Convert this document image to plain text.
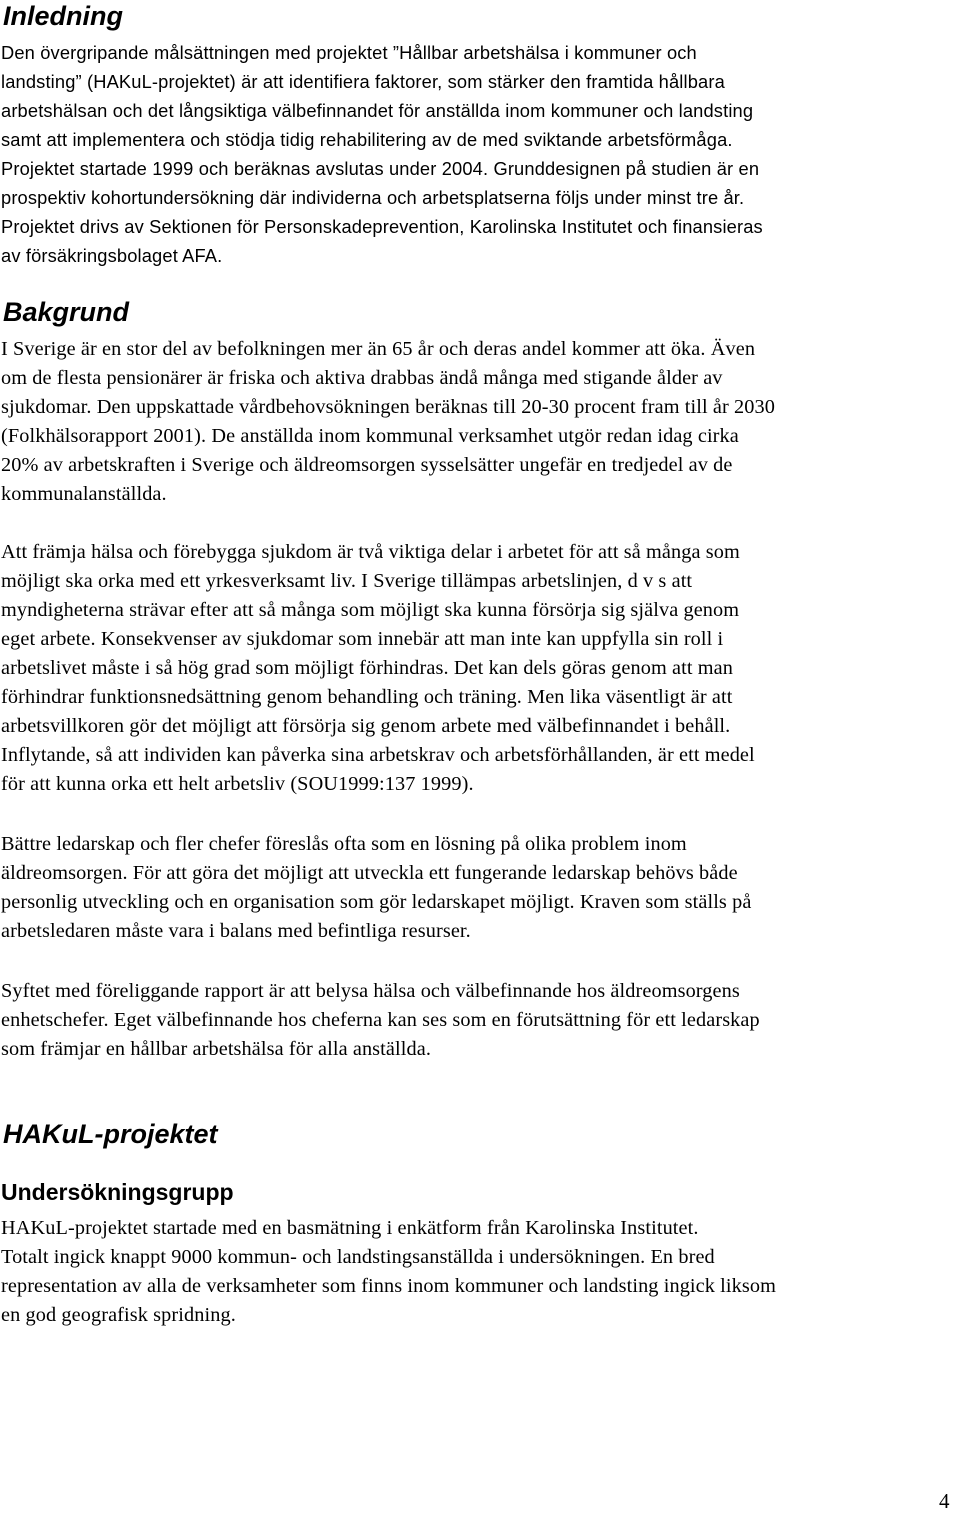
Inledning

Den övergripande målsättningen med projektet ”Hållbar arbetshälsa i kommuner och
landsting” (HAKuL-projektet) är att identifiera faktorer, som stärker den framtida hållbara
arbetshälsan och det långsiktiga välbefinnandet för anställda inom kommuner och landsting
samt att implementera och stödja tidig rehabilitering av de med sviktande arbetsförmåga.
Projektet startade 1999 och beräknas avslutas under 2004. Grunddesignen på studien är en
prospektiv kohortundersökning där individerna och arbetsplatserna följs under minst tre år.
Projektet drivs av Sektionen för Personskadeprevention, Karolinska Institutet och finansieras
av försäkringsbolaget AFA.

Bakgrund

I Sverige är en stor del av befolkningen mer än 65 år och deras andel kommer att öka. Även
om de flesta pensionärer är friska och aktiva drabbas ändå många med stigande ålder av
sjukdomar. Den uppskattade vårdbehovsökningen beräknas till 20-30 procent fram till år 2030
(Folkhälsorapport 2001). De anställda inom kommunal verksamhet utgör redan idag cirka
20% av arbetskraften i Sverige och äldreomsorgen sysselsätter ungefär en tredjedel av de
kommunalanställda.

Att främja hälsa och förebygga sjukdom är två viktiga delar i arbetet för att så många som
möjligt ska orka med ett yrkesverksamt liv. I Sverige tillämpas arbetslinjen, d v s att
myndigheterna strävar efter att så många som möjligt ska kunna försörja sig själva genom
eget arbete. Konsekvenser av sjukdomar som innebär att man inte kan uppfylla sin roll i
arbetslivet måste i så hög grad som möjligt förhindras. Det kan dels göras genom att man
förhindrar funktionsnedsättning genom behandling och träning. Men lika väsentligt är att
arbetsvillkoren gör det möjligt att försörja sig genom arbete med välbefinnandet i behåll.
Inflytande, så att individen kan påverka sina arbetskrav och arbetsförhållanden, är ett medel
för att kunna orka ett helt arbetsliv (SOU1999:137 1999).

Bättre ledarskap och fler chefer föreslås ofta som en lösning på olika problem inom
äldreomsorgen. För att göra det möjligt att utveckla ett fungerande ledarskap behövs både
personlig utveckling och en organisation som gör ledarskapet möjligt. Kraven som ställs på
arbetsledaren måste vara i balans med befintliga resurser.

Syftet med föreliggande rapport är att belysa hälsa och välbefinnande hos äldreomsorgens
enhetschefer. Eget välbefinnande hos cheferna kan ses som en förutsättning för ett ledarskap
som främjar en hållbar arbetshälsa för alla anställda.

HAKuL-projektet
Undersökningsgrupp

HAKuL-projektet startade med en basmätning i enkätform från Karolinska Institutet.
Totalt ingick knappt 9000 kommun- och landstingsanställda i undersökningen. En bred
representation av alla de verksamheter som finns inom kommuner och landsting ingick liksom
en god geografisk spridning.

4
